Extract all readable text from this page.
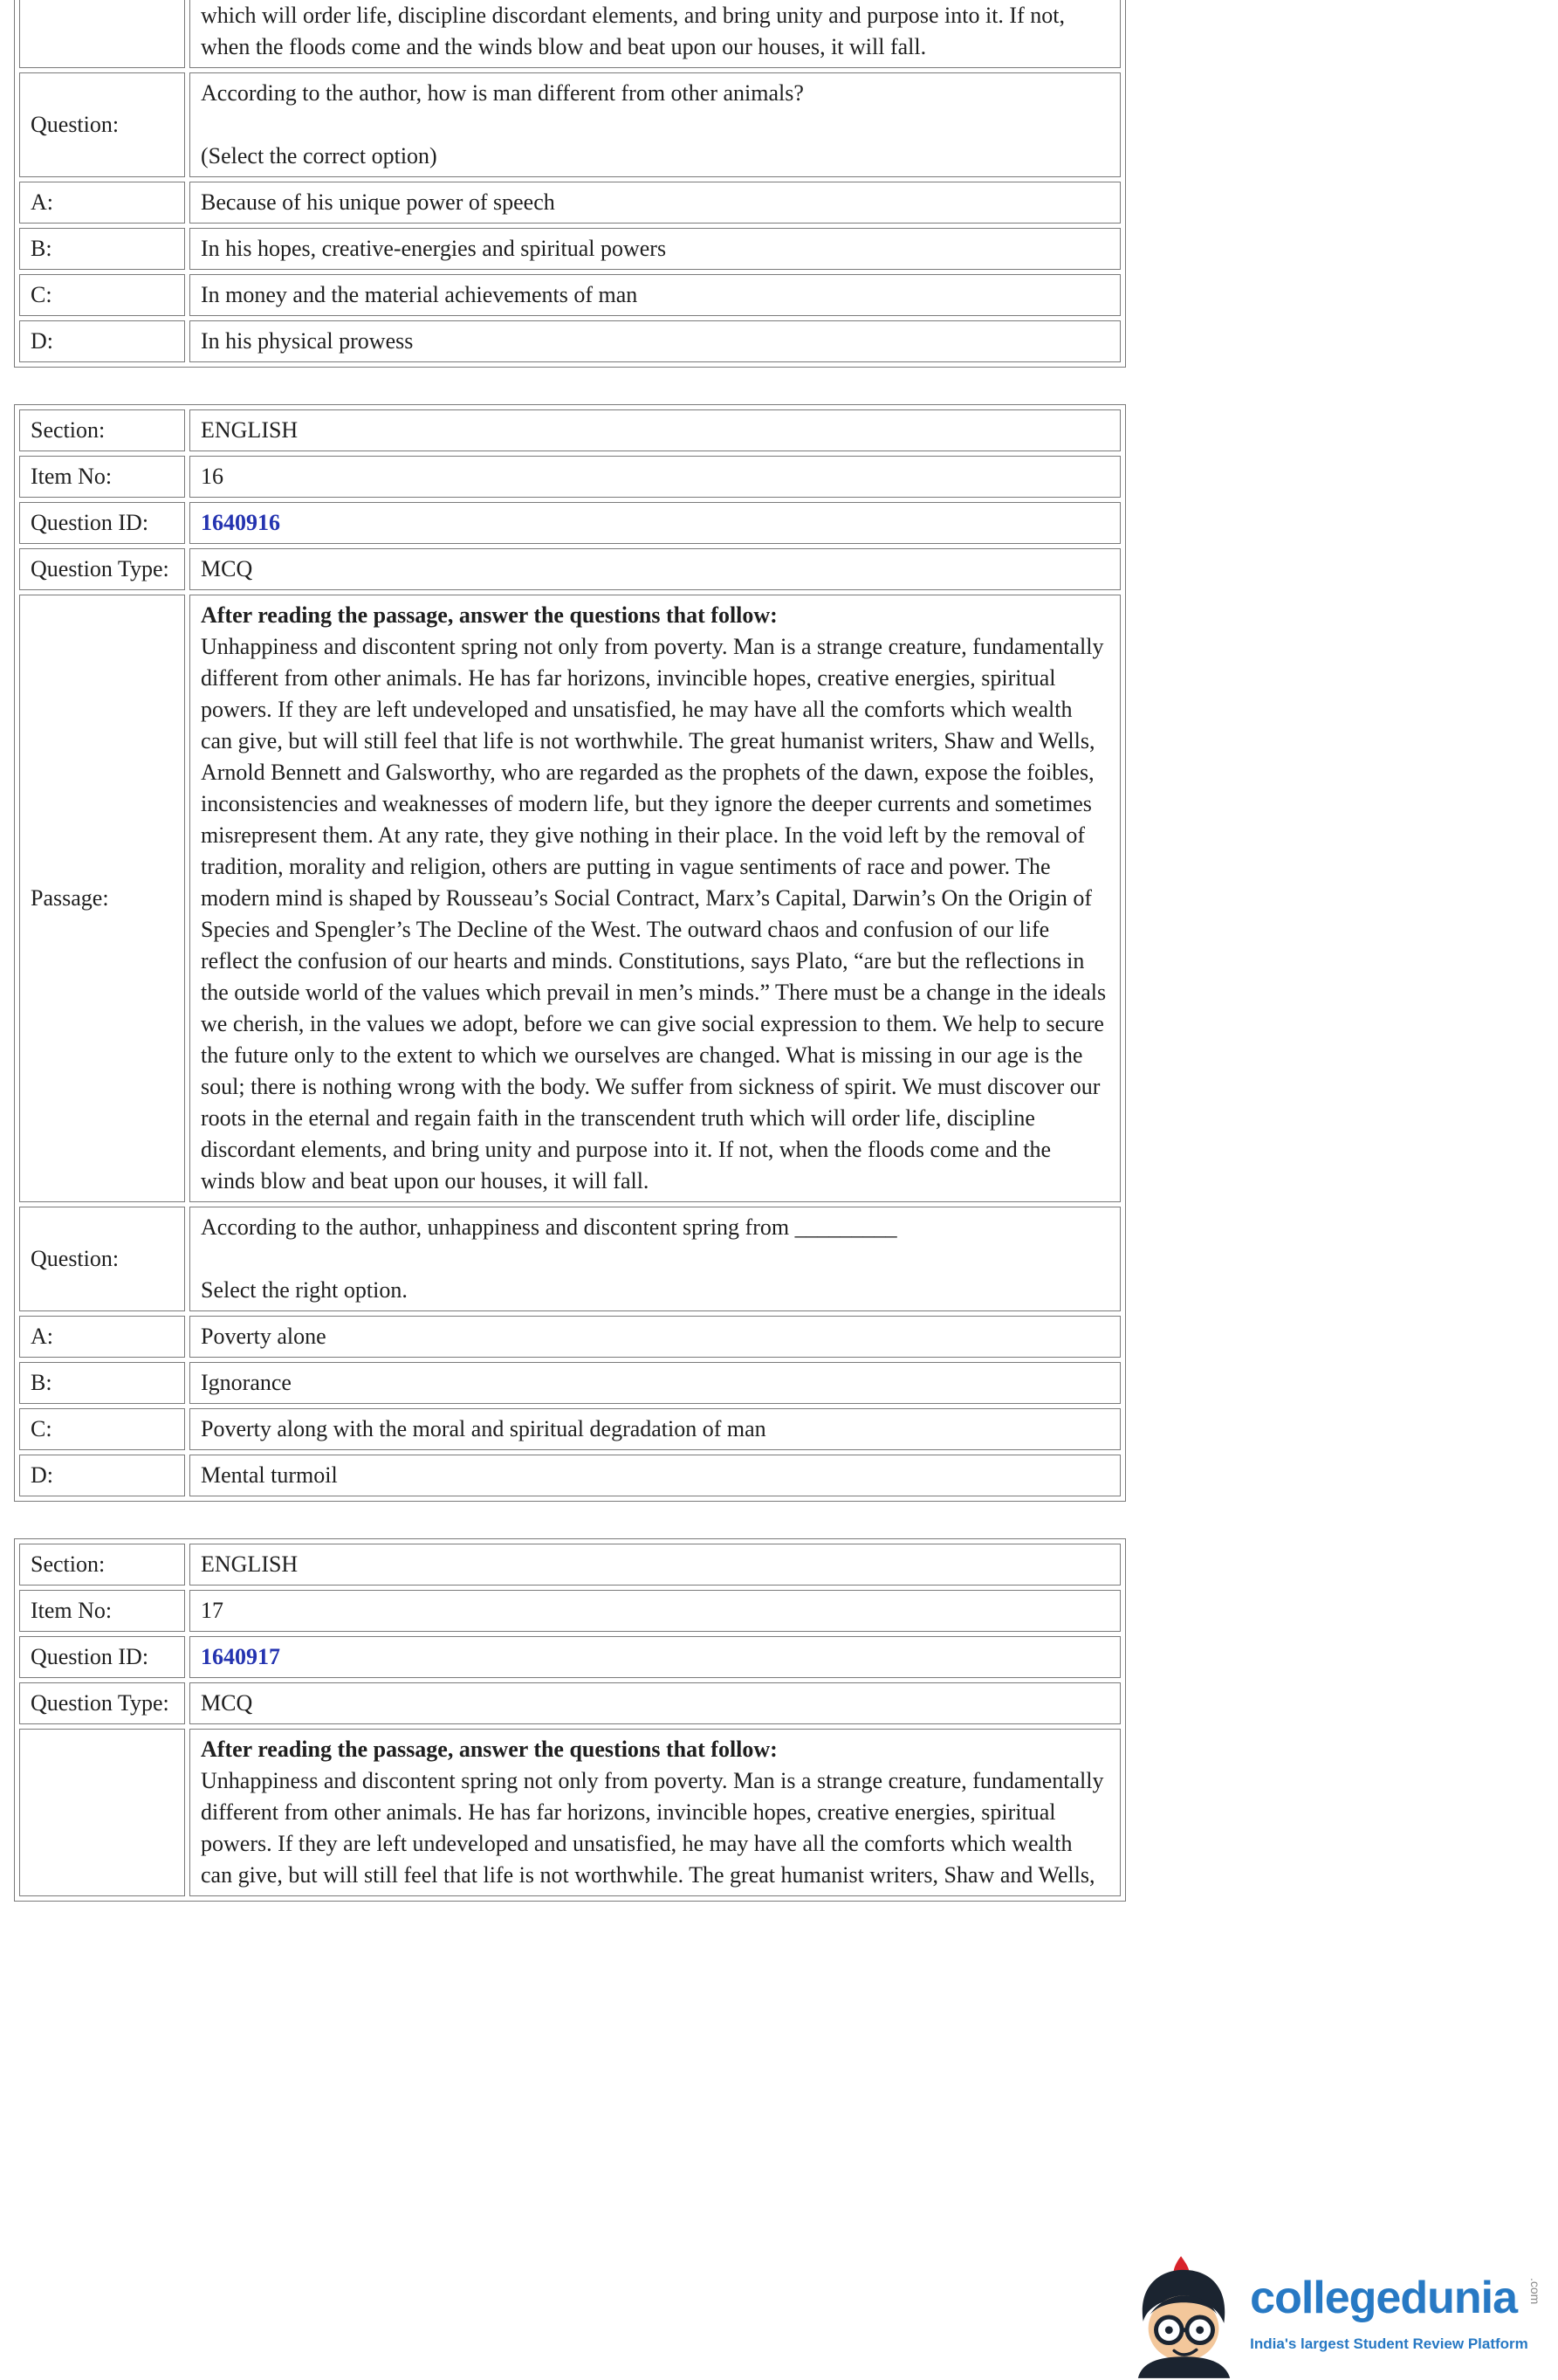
	which will order life, discipline discordant elements, and bring unity and purpose into it. If not, when the floods come and the winds blow and beat upon our houses, it will fall.
Question:	According to the author, how is man different from other animals?
(Select the correct option)

A:	Because of his unique power of speech
B:	In his hopes, creative-energies and spiritual powers
C:	In money and the material achievements of man
D:	In his physical prowess
Section:	ENGLISH
Item No:	16
Question ID:	1640916
Question Type:	MCQ
Passage:	After reading the passage, answer the questions that follow:
Unhappiness and discontent spring not only from poverty. Man is a strange creature, fundamentally different from other animals. He has far horizons, invincible hopes, creative energies, spiritual powers. If they are left undeveloped and unsatisfied, he may have all the comforts which wealth can give, but will still feel that life is not worthwhile. The great humanist writers, Shaw and Wells, Arnold Bennett and Galsworthy, who are regarded as the prophets of the dawn, expose the foibles, inconsistencies and weaknesses of modern life, but they ignore the deeper currents and sometimes misrepresent them. At any rate, they give nothing in their place. In the void left by the removal of tradition, morality and religion, others are putting in vague sentiments of race and power. The modern mind is shaped by Rousseau’s Social Contract, Marx’s Capital, Darwin’s On the Origin of Species and Spengler’s The Decline of the West. The outward chaos and confusion of our life reflect the confusion of our hearts and minds. Constitutions, says Plato, “are but the reflections in the outside world of the values which prevail in men’s minds.” There must be a change in the ideals we cherish, in the values we adopt, before we can give social expression to them. We help to secure the future only to the extent to which we ourselves are changed. What is missing in our age is the soul; there is nothing wrong with the body. We suffer from sickness of spirit. We must discover our roots in the eternal and regain faith in the transcendent truth which will order life, discipline discordant elements, and bring unity and purpose into it. If not, when the floods come and the winds blow and beat upon our houses, it will fall.

Question:	According to the author, unhappiness and discontent spring from _________
Select the right option.

A:	Poverty alone
B:	Ignorance
C:	Poverty along with the moral and spiritual degradation of man
D:	Mental turmoil
Section:	ENGLISH
Item No:	17
Question ID:	1640917
Question Type:	MCQ

	After reading the passage, answer the questions that follow:
Unhappiness and discontent spring not only from poverty. Man is a strange creature, fundamentally different from other animals. He has far horizons, invincible hopes, creative energies, spiritual powers. If they are left undeveloped and unsatisfied, he may have all the comforts which wealth can give, but will still feel that life is not worthwhile. The great humanist writers, Shaw and Wells,
collegedunia .com
India's largest Student Review Platform
